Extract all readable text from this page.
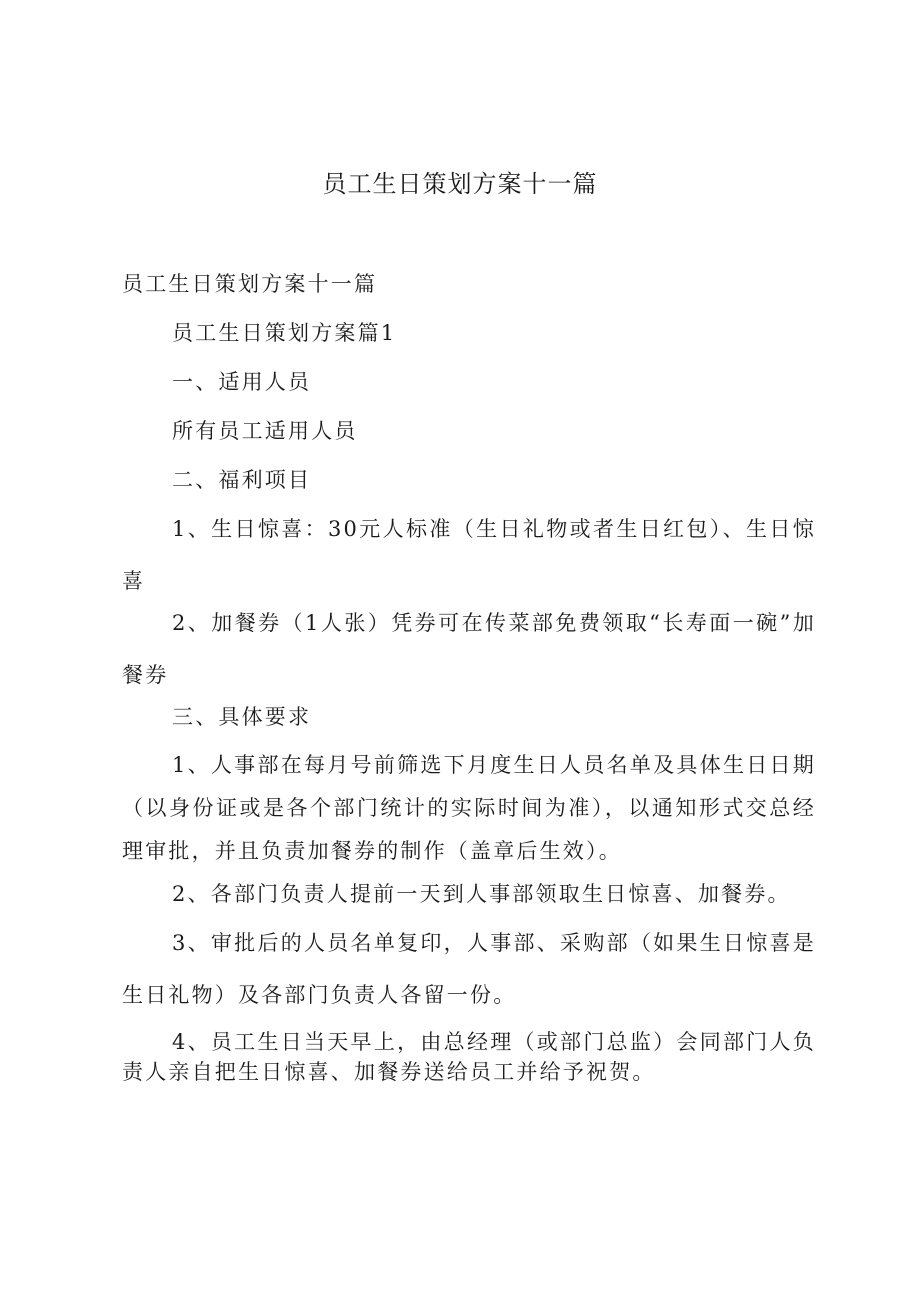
员工生日策划方案十一篇

员工生日策划方案十一篇

员工生日策划方案篇1

一、适用人员

所有员工适用人员

二、福利项目

1、生日惊喜：30元人标准（生日礼物或者生日红包）、生日惊喜

2、加餐券（1人张）凭券可在传菜部免费领取“长寿面一碗”加餐券

三、具体要求

1、人事部在每月号前筛选下月度生日人员名单及具体生日日期（以身份证或是各个部门统计的实际时间为准），以通知形式交总经理审批，并且负责加餐券的制作（盖章后生效）。

2、各部门负责人提前一天到人事部领取生日惊喜、加餐券。

3、审批后的人员名单复印，人事部、采购部（如果生日惊喜是生日礼物）及各部门负责人各留一份。

4、员工生日当天早上，由总经理（或部门总监）会同部门人负责人亲自把生日惊喜、加餐券送给员工并给予祝贺。
